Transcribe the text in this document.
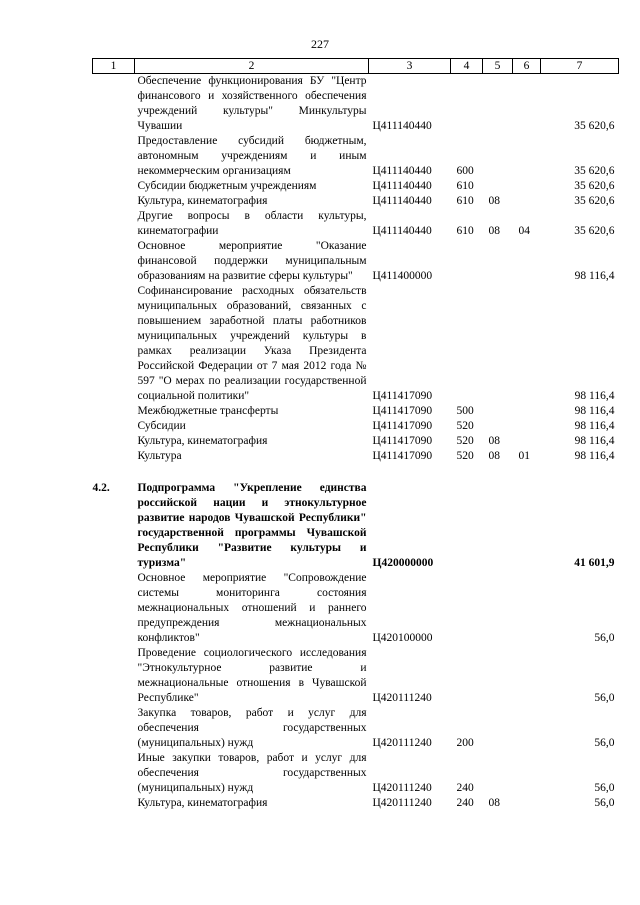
227
1	2	3	4	5	6	7
	Обеспечение функционирования БУ "Центр финансового и хозяйственного обеспечения учреждений культуры" Минкультуры Чувашии	Ц411140440				35 620,6
	Предоставление субсидий бюджетным, автономным учреждениям и иным некоммерческим организациям	Ц411140440	600			35 620,6
	Субсидии бюджетным учреждениям	Ц411140440	610			35 620,6
	Культура, кинематография	Ц411140440	610	08		35 620,6
	Другие вопросы в области культуры, кинематографии	Ц411140440	610	08	04	35 620,6
	Основное мероприятие "Оказание финансовой поддержки муниципальным образованиям на развитие сферы культуры"	Ц411400000				98 116,4
	Софинансирование расходных обязательств муниципальных образований, связанных с повышением заработной платы работников муниципальных учреждений культуры в рамках реализации Указа Президента Российской Федерации от 7 мая 2012 года № 597 "О мерах по реализации государственной социальной политики"	Ц411417090				98 116,4
	Межбюджетные трансферты	Ц411417090	500			98 116,4
	Субсидии	Ц411417090	520			98 116,4
	Культура, кинематография	Ц411417090	520	08		98 116,4
	Культура	Ц411417090	520	08	01	98 116,4

4.2.	Подпрограмма "Укрепление единства российской нации и этнокультурное развитие народов Чувашской Республики" государственной программы Чувашской Республики "Развитие культуры и туризма"	Ц420000000				41 601,9
	Основное мероприятие "Сопровождение системы мониторинга состояния межнациональных отношений и раннего предупреждения межнациональных конфликтов"	Ц420100000				56,0
	Проведение социологического исследования "Этнокультурное развитие и межнациональные отношения в Чувашской Республике"	Ц420111240				56,0
	Закупка товаров, работ и услуг для обеспечения государственных (муниципальных) нужд	Ц420111240	200			56,0
	Иные закупки товаров, работ и услуг для обеспечения государственных (муниципальных) нужд	Ц420111240	240			56,0
	Культура, кинематография	Ц420111240	240	08		56,0
